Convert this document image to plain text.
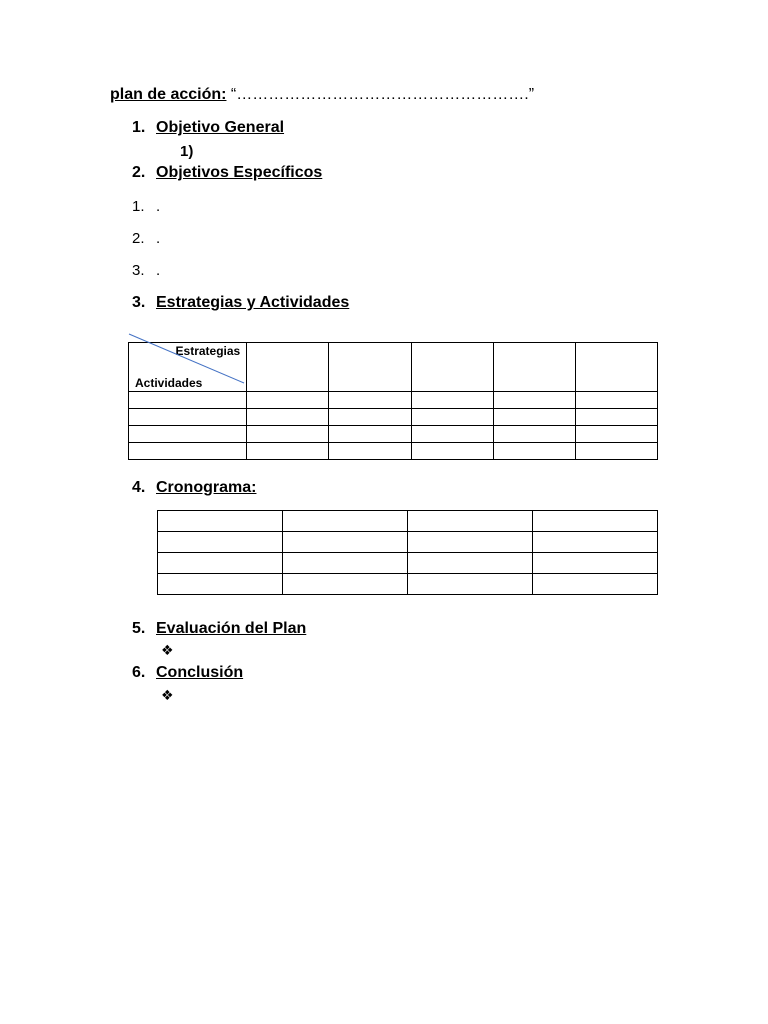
plan de acción: “……………………………………………….”
1. Objetivo General
1)
2. Objetivos Específicos
1. .
2. .
3. .
3. Estrategias y Actividades
Estrategias
Actividades					

4. Cronograma:

5. Evaluación del Plan
❖
6. Conclusión
❖
